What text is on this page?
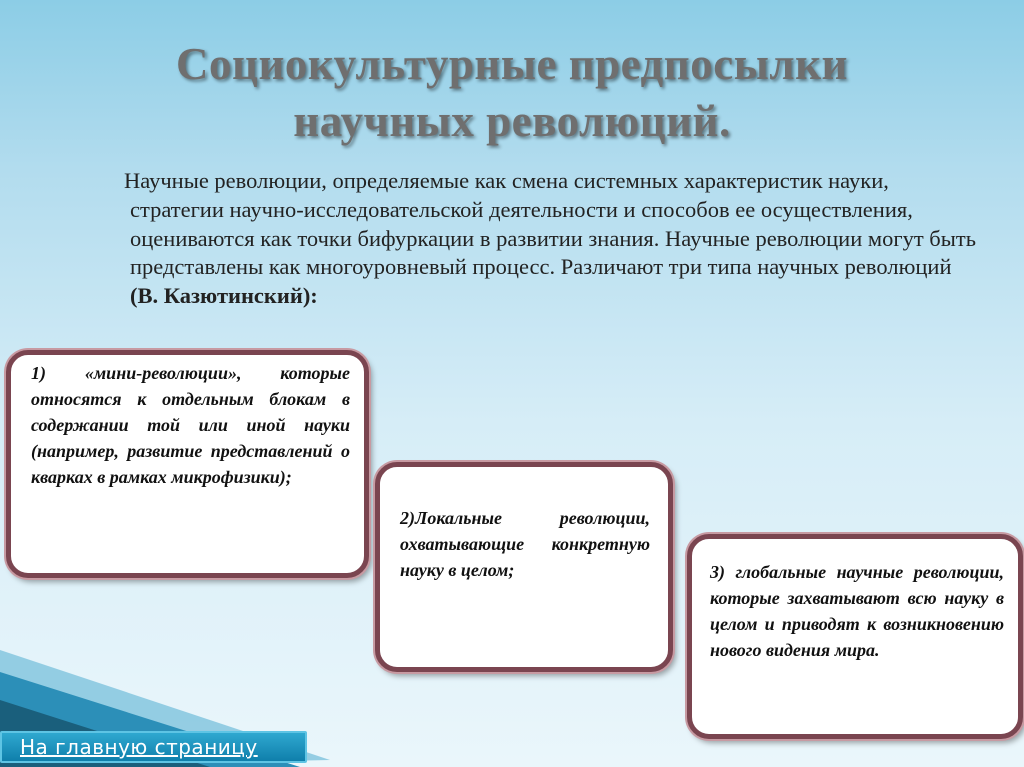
Социокультурные предпосылки
научных революций.
Научные революции, определяемые как смена системных характеристик науки, стратегии научно-исследовательской деятельности и способов ее осуществления, оцениваются как точки бифуркации в развитии знания. Научные революции могут быть представлены как многоуровневый процесс. Различают три типа научных революций (В. Казютинский):
1) «мини-революции», которые относятся к отдельным блокам в содержании той или иной науки (например, развитие представлений о кварках в рамках микрофизики);
2)Локальные революции, охватывающие конкретную науку в целом;	3) глобальные научные революции, которые захватывают всю науку в целом и приводят к возникновению нового видения мира.
На главную страницу
